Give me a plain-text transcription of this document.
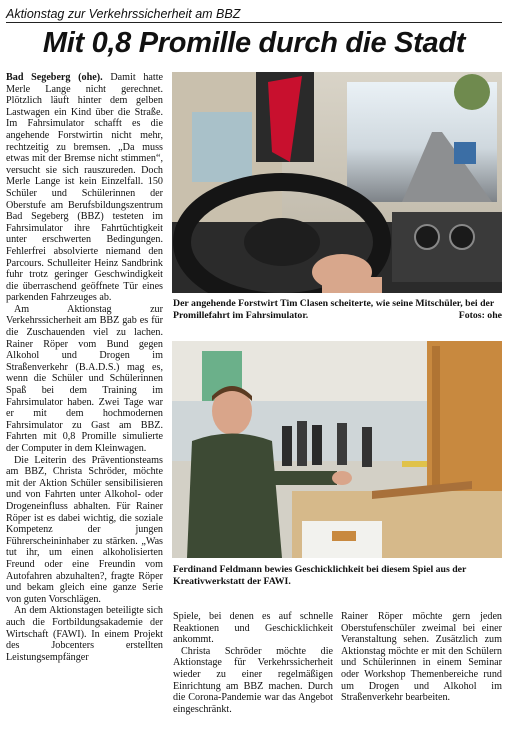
Aktionstag zur Verkehrssicherheit am BBZ
Mit 0,8 Promille durch die Stadt

Bad Segeberg (ohe). Damit hatte Merle Lange nicht gerechnet. Plötzlich läuft hinter dem gelben Lastwagen ein Kind über die Straße. Im Fahrsimulator schafft es die angehende Forstwirtin nicht mehr, rechtzeitig zu bremsen. „Da muss etwas mit der Bremse nicht stimmen“, versucht sie sich rauszureden. Doch Merle Lange ist kein Einzelfall. 150 Schüler und Schülerinnen der Oberstufe am Berufsbildungszentrum Bad Segeberg (BBZ) testeten im Fahrsimulator ihre Fahrtüchtigkeit unter erschwerten Bedingungen. Fehlerfrei absolvierte niemand den Parcours. Schulleiter Heinz Sandbrink fuhr trotz geringer Geschwindigkeit die überraschend geöffnete Tür eines parkenden Fahrzeuges ab.

Am Aktionstag zur Verkehrssicherheit am BBZ gab es für die Zuschauenden viel zu lachen. Rainer Röper vom Bund gegen Alkohol und Drogen im Straßenverkehr (B.A.D.S.) mag es, wenn die Schüler und Schülerinnen Spaß bei dem Training im Fahrsimulator haben. Zwei Tage war er mit dem hochmodernen Fahrsimulator zu Gast am BBZ. Fahrten mit 0,8 Promille simulierte der Computer in dem Kleinwagen.

Die Leiterin des Präventionsteams am BBZ, Christa Schröder, möchte mit der Aktion Schüler sensibilisieren und von Fahrten unter Alkohol- oder Drogeneinfluss abhalten. Für Rainer Röper ist es dabei wichtig, die soziale Kompetenz der jungen Führerscheininhaber zu stärken. „Was tut ihr, um einen alkoholisierten Freund oder eine Freundin vom Autofahren abzuhalten?, fragte Röper und bekam gleich eine ganze Serie von guten Vorschlägen.

An dem Aktionstagen beteiligte sich auch die Fortbildungsakademie der Wirtschaft (FAWI). In einem Projekt des Jobcenters erstellten Leistungsempfänger

Der angehende Forstwirt Tim Clasen scheiterte, wie seine Mitschüler, bei der Promillefahrt im Fahrsimulator.	Fotos: ohe
Ferdinand Feldmann bewies Geschicklichkeit bei diesem Spiel aus der Kreativwerkstatt der FAWI.

Spiele, bei denen es auf schnelle Reaktionen und Geschicklichkeit ankommt.

Christa Schröder möchte die Aktionstage für Verkehrssicherheit wieder zu einer regelmäßigen Einrichtung am BBZ machen. Durch die Corona-Pandemie war das Angebot eingeschränkt.

Rainer Röper möchte gern jeden Oberstufenschüler zweimal bei einer Veranstaltung sehen. Zusätzlich zum Aktionstag möchte er mit den Schülern und Schülerinnen in einem Seminar oder Workshop Themenbereiche rund um Drogen und Alkohol im Straßenverkehr bearbeiten.
